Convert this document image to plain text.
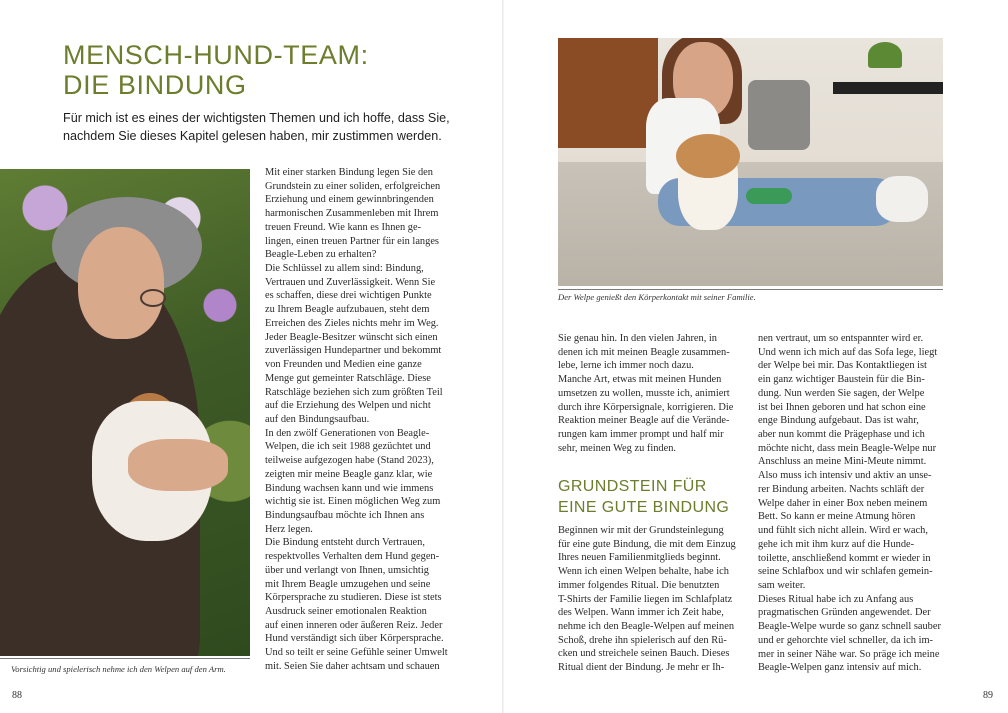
MENSCH-HUND-TEAM:
DIE BINDUNG
Für mich ist es eines der wichtigsten Themen und ich hoffe, dass Sie,
nachdem Sie dieses Kapitel gelesen haben, mir zustimmen werden.
Vorsichtig und spielerisch nehme ich den Welpen auf den Arm.

Mit einer starken Bindung legen Sie den

Grundstein zu einer soliden, erfolgreichen

Erziehung und einem gewinnbringenden

harmonischen Zusammenleben mit Ihrem

treuen Freund. Wie kann es Ihnen ge-

lingen, einen treuen Partner für ein langes

Beagle-Leben zu erhalten?

Die Schlüssel zu allem sind: Bindung,

Vertrauen und Zuverlässigkeit. Wenn Sie

es schaffen, diese drei wichtigen Punkte

zu Ihrem Beagle aufzubauen, steht dem

Erreichen des Zieles nichts mehr im Weg.

Jeder Beagle-Besitzer wünscht sich einen

zuverlässigen Hundepartner und bekommt

von Freunden und Medien eine ganze

Menge gut gemeinter Ratschläge. Diese

Ratschläge beziehen sich zum größten Teil

auf die Erziehung des Welpen und nicht

auf den Bindungsaufbau.

In den zwölf Generationen von Beagle-

Welpen, die ich seit 1988 gezüchtet und

teilweise aufgezogen habe (Stand 2023),

zeigten mir meine Beagle ganz klar, wie

Bindung wachsen kann und wie immens

wichtig sie ist. Einen möglichen Weg zum

Bindungsaufbau möchte ich Ihnen ans

Herz legen.

Die Bindung entsteht durch Vertrauen,

respektvolles Verhalten dem Hund gegen-

über und verlangt von Ihnen, umsichtig

mit Ihrem Beagle umzugehen und seine

Körpersprache zu studieren. Diese ist stets

Ausdruck seiner emotionalen Reaktion

auf einen inneren oder äußeren Reiz. Jeder

Hund verständigt sich über Körpersprache.

Und so teilt er seine Gefühle seiner Umwelt

mit. Seien Sie daher achtsam und schauen

88
Der Welpe genießt den Körperkontakt mit seiner Familie.

Sie genau hin. In den vielen Jahren, in

denen ich mit meinen Beagle zusammen-

lebe, lerne ich immer noch dazu.

Manche Art, etwas mit meinen Hunden

umsetzen zu wollen, musste ich, animiert

durch ihre Körpersignale, korrigieren. Die

Reaktion meiner Beagle auf die Verände-

rungen kam immer prompt und half mir

sehr, meinen Weg zu finden.

GRUNDSTEIN FÜR
EINE GUTE BINDUNG

Beginnen wir mit der Grundsteinlegung

für eine gute Bindung, die mit dem Einzug

Ihres neuen Familienmitglieds beginnt.

Wenn ich einen Welpen behalte, habe ich

immer folgendes Ritual. Die benutzten

T-Shirts der Familie liegen im Schlafplatz

des Welpen. Wann immer ich Zeit habe,

nehme ich den Beagle-Welpen auf meinen

Schoß, drehe ihn spielerisch auf den Rü-

cken und streichele seinen Bauch. Dieses

Ritual dient der Bindung. Je mehr er Ih-

nen vertraut, um so entspannter wird er.

Und wenn ich mich auf das Sofa lege, liegt

der Welpe bei mir. Das Kontaktliegen ist

ein ganz wichtiger Baustein für die Bin-

dung. Nun werden Sie sagen, der Welpe

ist bei Ihnen geboren und hat schon eine

enge Bindung aufgebaut. Das ist wahr,

aber nun kommt die Prägephase und ich

möchte nicht, dass mein Beagle-Welpe nur

Anschluss an meine Mini-Meute nimmt.

Also muss ich intensiv und aktiv an unse-

rer Bindung arbeiten. Nachts schläft der

Welpe daher in einer Box neben meinem

Bett. So kann er meine Atmung hören

und fühlt sich nicht allein. Wird er wach,

gehe ich mit ihm kurz auf die Hunde-

toilette, anschließend kommt er wieder in

seine Schlafbox und wir schlafen gemein-

sam weiter.

Dieses Ritual habe ich zu Anfang aus

pragmatischen Gründen angewendet. Der

Beagle-Welpe wurde so ganz schnell sauber

und er gehorchte viel schneller, da ich im-

mer in seiner Nähe war. So präge ich meine

Beagle-Welpen ganz intensiv auf mich.

89
